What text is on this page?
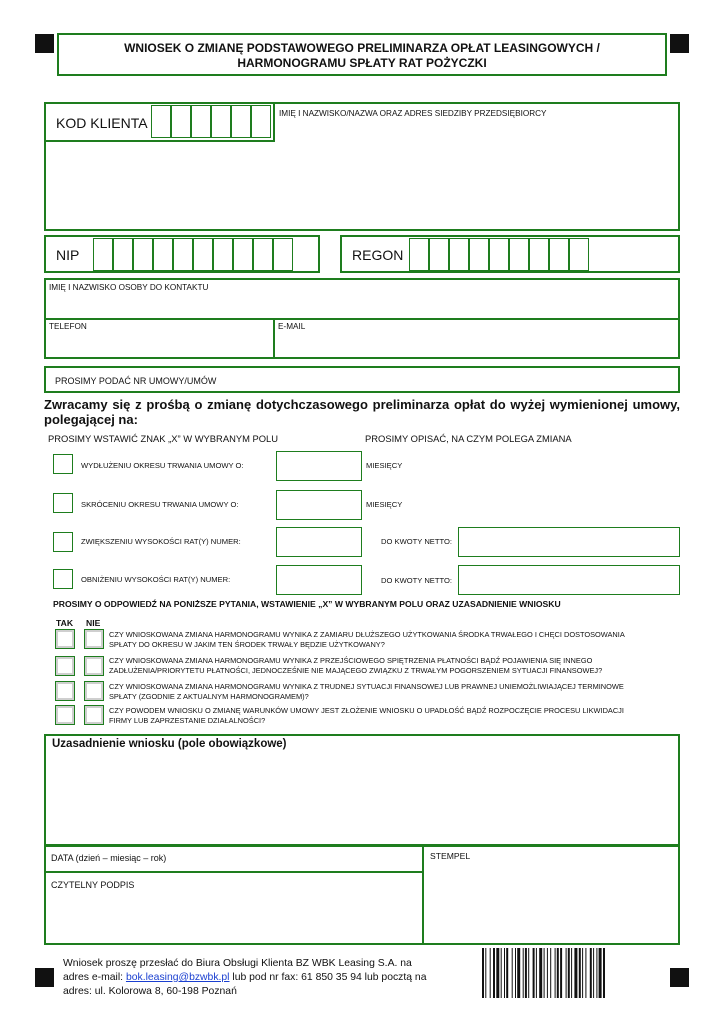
WNIOSEK O ZMIANĘ PODSTAWOWEGO PRELIMINARZA OPŁAT LEASINGOWYCH /
HARMONOGRAMU SPŁATY RAT POŻYCZKI
KOD KLIENTA
IMIĘ I NAZWISKO/NAZWA ORAZ ADRES SIEDZIBY PRZEDSIĘBIORCY
NIP	REGON
IMIĘ I NAZWISKO OSOBY DO KONTAKTU
TELEFON	E-MAIL
PROSIMY PODAĆ NR UMOWY/UMÓW
Zwracamy się z prośbą o zmianę dotychczasowego preliminarza opłat do wyżej wymienionej umowy, polegającej na:
PROSIMY WSTAWIĆ ZNAK „X” W WYBRANYM POLU	PROSIMY OPISAĆ, NA CZYM POLEGA ZMIANA
WYDŁUŻENIU OKRESU TRWANIA UMOWY O:	MIESIĘCY
SKRÓCENIU OKRESU TRWANIA UMOWY O:	MIESIĘCY
ZWIĘKSZENIU WYSOKOŚCI RAT(Y) NUMER:	DO KWOTY NETTO:
OBNIŻENIU WYSOKOŚCI RAT(Y) NUMER:	DO KWOTY NETTO:
PROSIMY O ODPOWIEDŹ NA PONIŻSZE PYTANIA, WSTAWIENIE „X” W WYBRANYM POLU ORAZ UZASADNIENIE WNIOSKU
TAK NIE
CZY WNIOSKOWANA ZMIANA HARMONOGRAMU WYNIKA Z ZAMIARU DŁUŻSZEGO UŻYTKOWANIA ŚRODKA TRWAŁEGO I CHĘCI DOSTOSOWANIA
SPŁATY DO OKRESU W JAKIM TEN ŚRODEK TRWAŁY BĘDZIE UŻYTKOWANY?
CZY WNIOSKOWANA ZMIANA HARMONOGRAMU WYNIKA Z PRZEJŚCIOWEGO SPIĘTRZENIA PŁATNOŚCI BĄDŹ POJAWIENIA SIĘ INNEGO
ZADŁUŻENIA/PRIORYTETU PŁATNOŚCI, JEDNOCZEŚNIE NIE MAJĄCEGO ZWIĄZKU Z TRWAŁYM POGORSZENIEM SYTUACJI FINANSOWEJ?
CZY WNIOSKOWANA ZMIANA HARMONOGRAMU WYNIKA Z TRUDNEJ SYTUACJI FINANSOWEJ LUB PRAWNEJ UNIEMOŻLIWIAJĄCEJ TERMINOWE
SPŁATY (ZGODNIE Z AKTUALNYM HARMONOGRAMEM)?
CZY POWODEM WNIOSKU O ZMIANĘ WARUNKÓW UMOWY JEST ZŁOŻENIE WNIOSKU O UPADŁOŚĆ BĄDŹ ROZPOCZĘCIE PROCESU LIKWIDACJI
FIRMY LUB ZAPRZESTANIE DZIAŁALNOŚCI?
Uzasadnienie wniosku (pole obowiązkowe)
DATA (dzień – miesiąc – rok)	STEMPEL
CZYTELNY PODPIS
Wniosek proszę przesłać do Biura Obsługi Klienta BZ WBK Leasing S.A. na
adres e-mail: bok.leasing@bzwbk.pl lub pod nr fax: 61 850 35 94 lub pocztą na
adres: ul. Kolorowa 8, 60-198 Poznań
